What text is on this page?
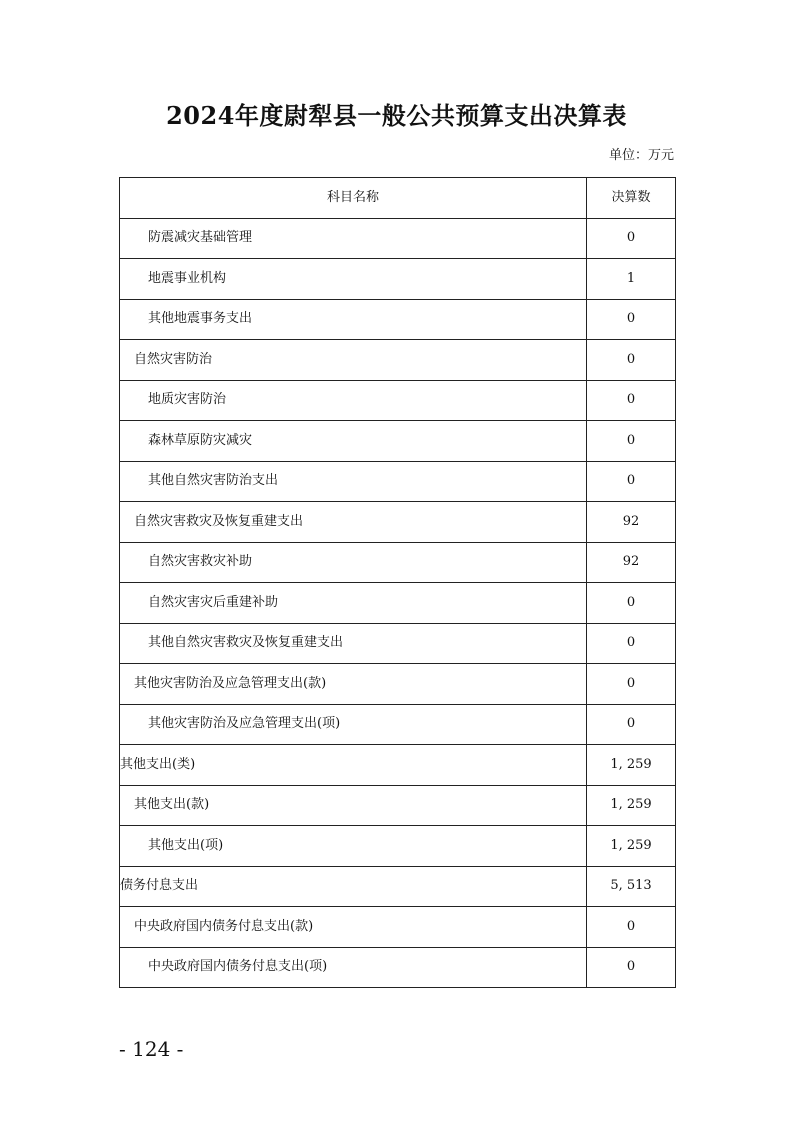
2024年度尉犁县一般公共预算支出决算表
单位：万元
科目名称	决算数
防震减灾基础管理	0
地震事业机构	1
其他地震事务支出	0
自然灾害防治	0
地质灾害防治	0
森林草原防灾减灾	0
其他自然灾害防治支出	0
自然灾害救灾及恢复重建支出	92
自然灾害救灾补助	92
自然灾害灾后重建补助	0
其他自然灾害救灾及恢复重建支出	0
其他灾害防治及应急管理支出(款)	0
其他灾害防治及应急管理支出(项)	0
其他支出(类)	1, 259
其他支出(款)	1, 259
其他支出(项)	1, 259
债务付息支出	5, 513
中央政府国内债务付息支出(款)	0
中央政府国内债务付息支出(项)	0
- 124 -
